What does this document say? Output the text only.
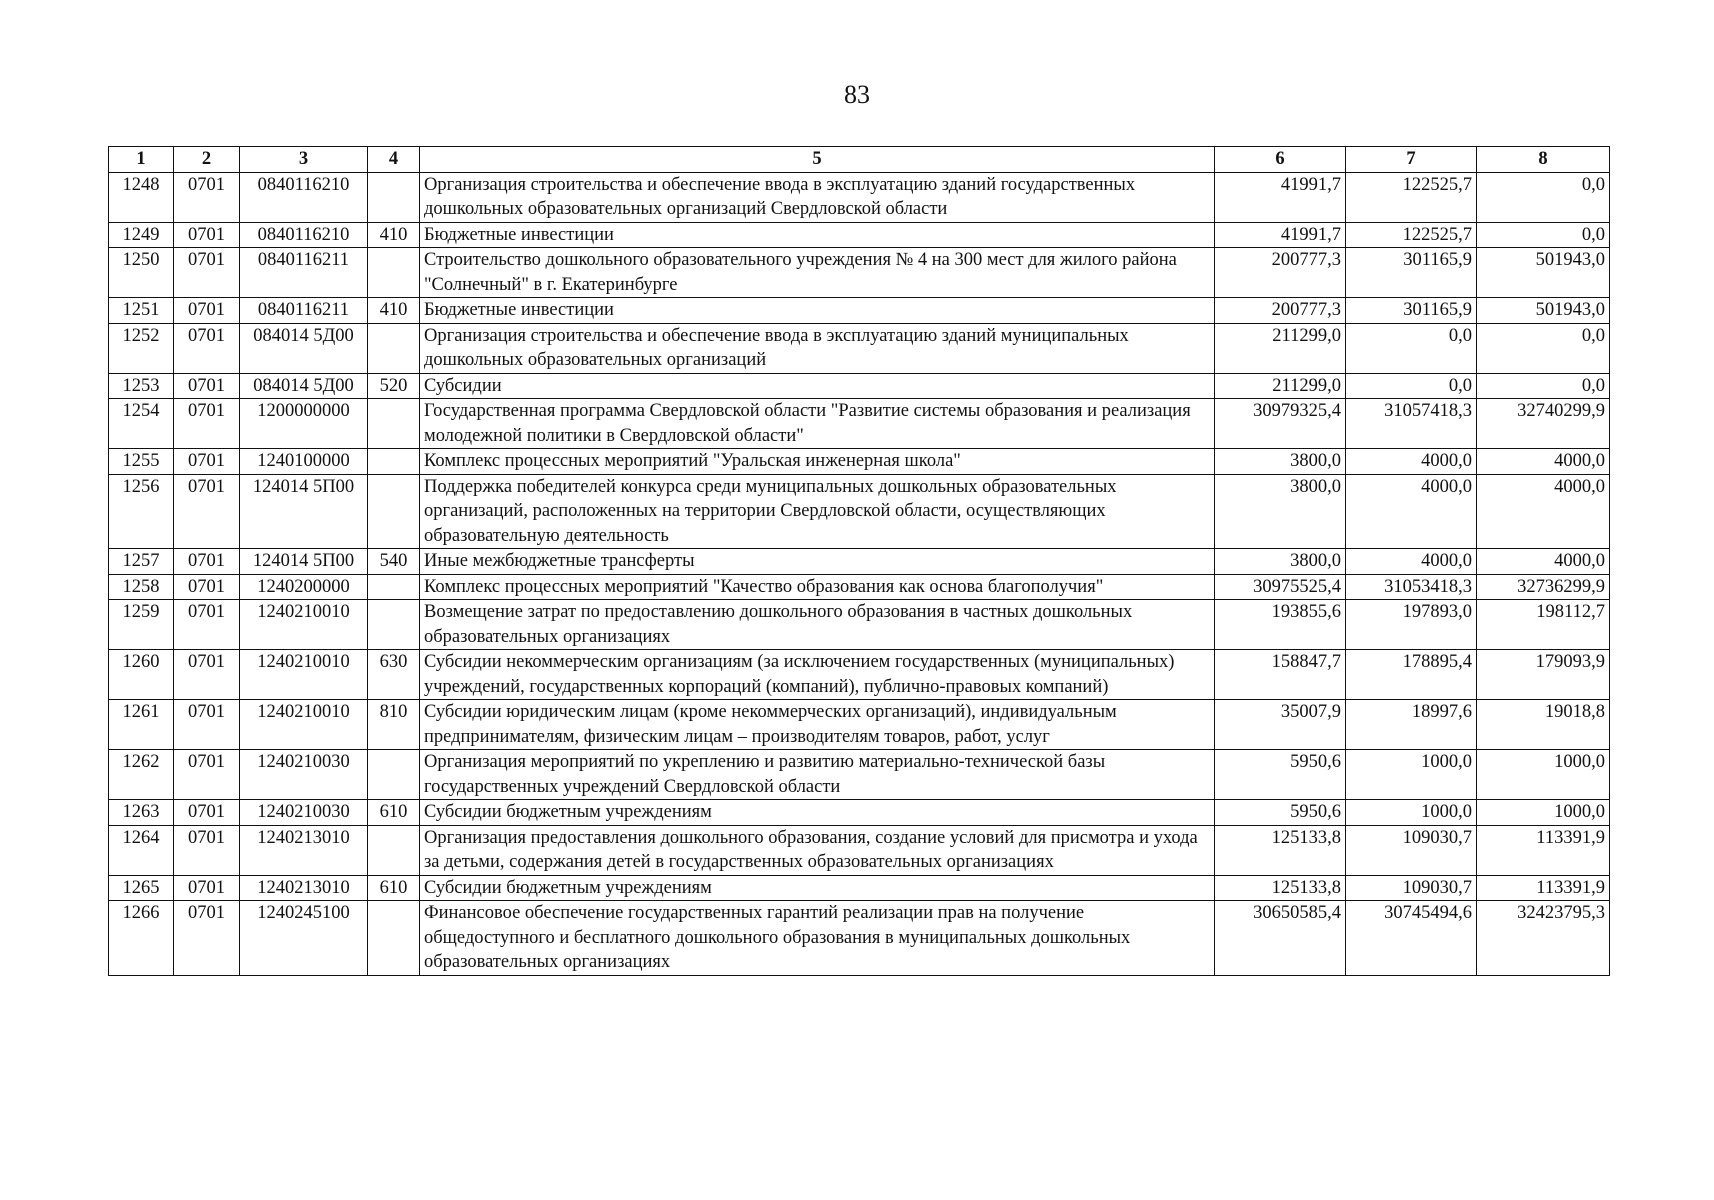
83
1	2	3	4	5	6	7	8
1248	0701	0840116210		Организация строительства и обеспечение ввода в эксплуатацию зданий государственных дошкольных образовательных организаций Свердловской области	41991,7	122525,7	0,0
1249	0701	0840116210	410	Бюджетные инвестиции	41991,7	122525,7	0,0
1250	0701	0840116211		Строительство дошкольного образовательного учреждения № 4 на 300 мест для жилого района "Солнечный" в г. Екатеринбурге	200777,3	301165,9	501943,0
1251	0701	0840116211	410	Бюджетные инвестиции	200777,3	301165,9	501943,0
1252	0701	084014 5Д00		Организация строительства и обеспечение ввода в эксплуатацию зданий муниципальных дошкольных образовательных организаций	211299,0	0,0	0,0
1253	0701	084014 5Д00	520	Субсидии	211299,0	0,0	0,0
1254	0701	1200000000		Государственная программа Свердловской области "Развитие системы образования и реализация молодежной политики в Свердловской области"	30979325,4	31057418,3	32740299,9
1255	0701	1240100000		Комплекс процессных мероприятий "Уральская инженерная школа"	3800,0	4000,0	4000,0
1256	0701	124014 5П00		Поддержка победителей конкурса среди муниципальных дошкольных образовательных организаций, расположенных на территории Свердловской области, осуществляющих образовательную деятельность	3800,0	4000,0	4000,0
1257	0701	124014 5П00	540	Иные межбюджетные трансферты	3800,0	4000,0	4000,0
1258	0701	1240200000		Комплекс процессных мероприятий "Качество образования как основа благополучия"	30975525,4	31053418,3	32736299,9
1259	0701	1240210010		Возмещение затрат по предоставлению дошкольного образования в частных дошкольных образовательных организациях	193855,6	197893,0	198112,7
1260	0701	1240210010	630	Субсидии некоммерческим организациям (за исключением государственных (муниципальных) учреждений, государственных корпораций (компаний), публично-правовых компаний)	158847,7	178895,4	179093,9
1261	0701	1240210010	810	Субсидии юридическим лицам (кроме некоммерческих организаций), индивидуальным предпринимателям, физическим лицам – производителям товаров, работ, услуг	35007,9	18997,6	19018,8
1262	0701	1240210030		Организация мероприятий по укреплению и развитию материально-технической базы государственных учреждений Свердловской области	5950,6	1000,0	1000,0
1263	0701	1240210030	610	Субсидии бюджетным учреждениям	5950,6	1000,0	1000,0
1264	0701	1240213010		Организация предоставления дошкольного образования, создание условий для присмотра и ухода за детьми, содержания детей в государственных образовательных организациях	125133,8	109030,7	113391,9
1265	0701	1240213010	610	Субсидии бюджетным учреждениям	125133,8	109030,7	113391,9
1266	0701	1240245100		Финансовое обеспечение государственных гарантий реализации прав на получение общедоступного и бесплатного дошкольного образования в муниципальных дошкольных образовательных организациях	30650585,4	30745494,6	32423795,3
